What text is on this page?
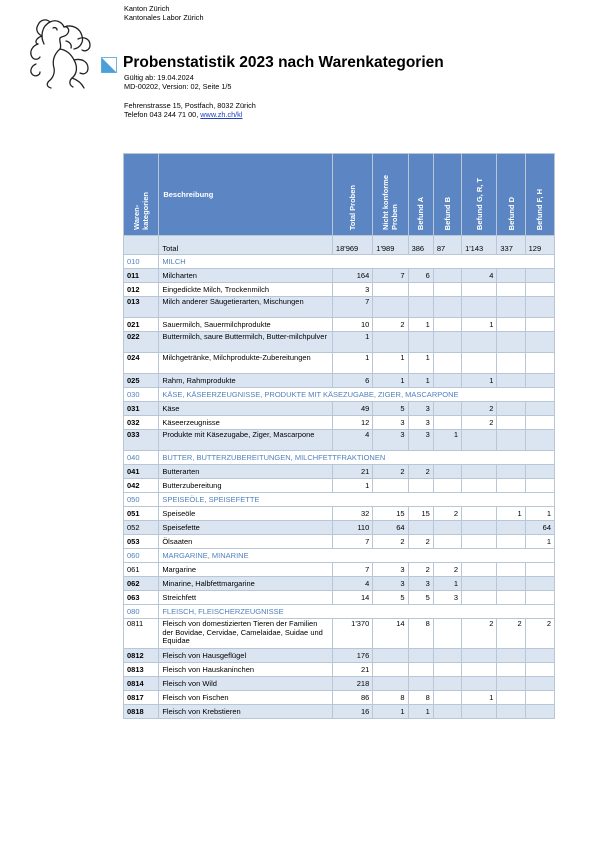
Kanton Zürich
Kantonales Labor Zürich
Probenstatistik 2023 nach Warenkategorien
Gültig ab: 19.04.2024
MD-00202, Version: 02, Seite 1/5
Fehrenstrasse 15, Postfach, 8032 Zürich
Telefon 043 244 71 00, www.zh.ch/kl
Waren-
kategorien	Beschreibung	Total Proben	Nicht konforme
Proben	Befund A	Befund B	Befund G, R, T	Befund D	Befund F, H
	Total	18'969	1'989	386	87	1'143	337	129
010	MILCH							
011	Milcharten	164	7	6		4		
012	Eingedickte Milch, Trockenmilch	3						
013	Milch anderer Säugetierarten, Mischungen	7						
021	Sauermilch, Sauermilchprodukte	10	2	1		1		
022	Buttermilch, saure Buttermilch, Butter-milchpulver	1						
024	Milchgetränke, Milchprodukte-Zubereitungen	1	1	1				
025	Rahm, Rahmprodukte	6	1	1		1		
030	KÄSE, KÄSEERZEUGNISSE, PRODUKTE MIT KÄSEZUGABE, ZIGER, MASCARPONE							
031	Käse	49	5	3		2		
032	Käseerzeugnisse	12	3	3		2		
033	Produkte mit Käsezugabe, Ziger, Mascarpone	4	3	3	1			
040	BUTTER, BUTTERZUBEREITUNGEN, MILCHFETTFRAKTIONEN							
041	Butterarten	21	2	2				
042	Butterzubereitung	1						
050	SPEISEÖLE, SPEISEFETTE							
051	Speiseöle	32	15	15	2		1	1
052	Speisefette	110	64					64
053	Ölsaaten	7	2	2				1
060	MARGARINE, MINARINE							
061	Margarine	7	3	2	2			
062	Minarine, Halbfettmargarine	4	3	3	1			
063	Streichfett	14	5	5	3			
080	FLEISCH, FLEISCHERZEUGNISSE							
0811	Fleisch von domestizierten Tieren der Familien der Bovidae, Cervidae, Camelaidae, Suidae und Equidae	1'370	14	8		2	2	2
0812	Fleisch von Hausgeflügel	176						
0813	Fleisch von Hauskaninchen	21						
0814	Fleisch von Wild	218						
0817	Fleisch von Fischen	86	8	8		1		
0818	Fleisch von Krebstieren	16	1	1				
